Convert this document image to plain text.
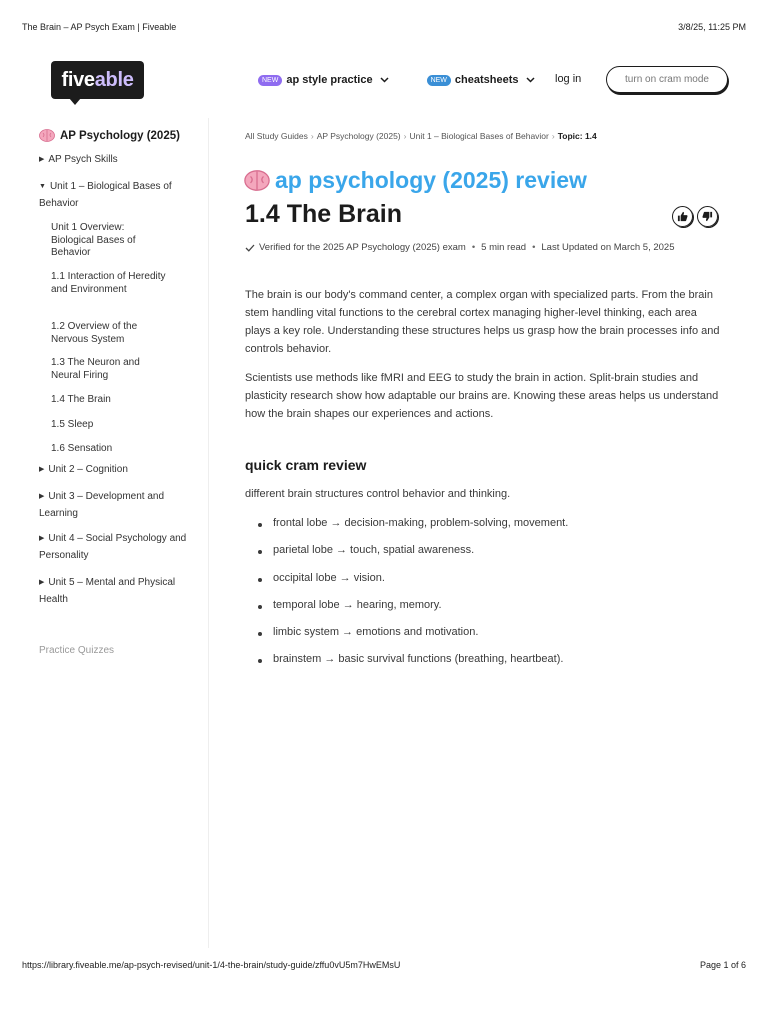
The Brain – AP Psych Exam | Fiveable	3/8/25, 11:25 PM
five able	NEW ap style practice	NEW cheatsheets	log in	turn on cram mode
AP Psychology (2025)
▶ AP Psych Skills
▼ Unit 1 – Biological Bases of Behavior
Unit 1 Overview: Biological Bases of Behavior
1.1 Interaction of Heredity and Environment
1.2 Overview of the Nervous System
1.3 The Neuron and Neural Firing
1.4 The Brain
1.5 Sleep
1.6 Sensation
▶ Unit 2 – Cognition
▶ Unit 3 – Development and Learning
▶ Unit 4 – Social Psychology and Personality
▶ Unit 5 – Mental and Physical Health
Practice Quizzes
All Study Guides › AP Psychology (2025) › Unit 1 – Biological Bases of Behavior › Topic: 1.4
ap psychology (2025) review
1.4 The Brain
Verified for the 2025 AP Psychology (2025) exam • 5 min read • Last Updated on March 5, 2025

The brain is our body's command center, a complex organ with specialized parts. From the brain stem handling vital functions to the cerebral cortex managing higher-level thinking, each area plays a key role. Understanding these structures helps us grasp how the brain processes info and controls behavior.

Scientists use methods like fMRI and EEG to study the brain in action. Split-brain studies and plasticity research show how adaptable our brains are. Knowing these areas helps us understand how the brain shapes our experiences and actions.

quick cram review

different brain structures control behavior and thinking.

frontal lobe → decision-making, problem-solving, movement.
parietal lobe → touch, spatial awareness.
occipital lobe → vision.
temporal lobe → hearing, memory.
limbic system → emotions and motivation.
brainstem → basic survival functions (breathing, heartbeat).
https://library.fiveable.me/ap-psych-revised/unit-1/4-the-brain/study-guide/zffu0vU5m7HwEMsU	Page 1 of 6
